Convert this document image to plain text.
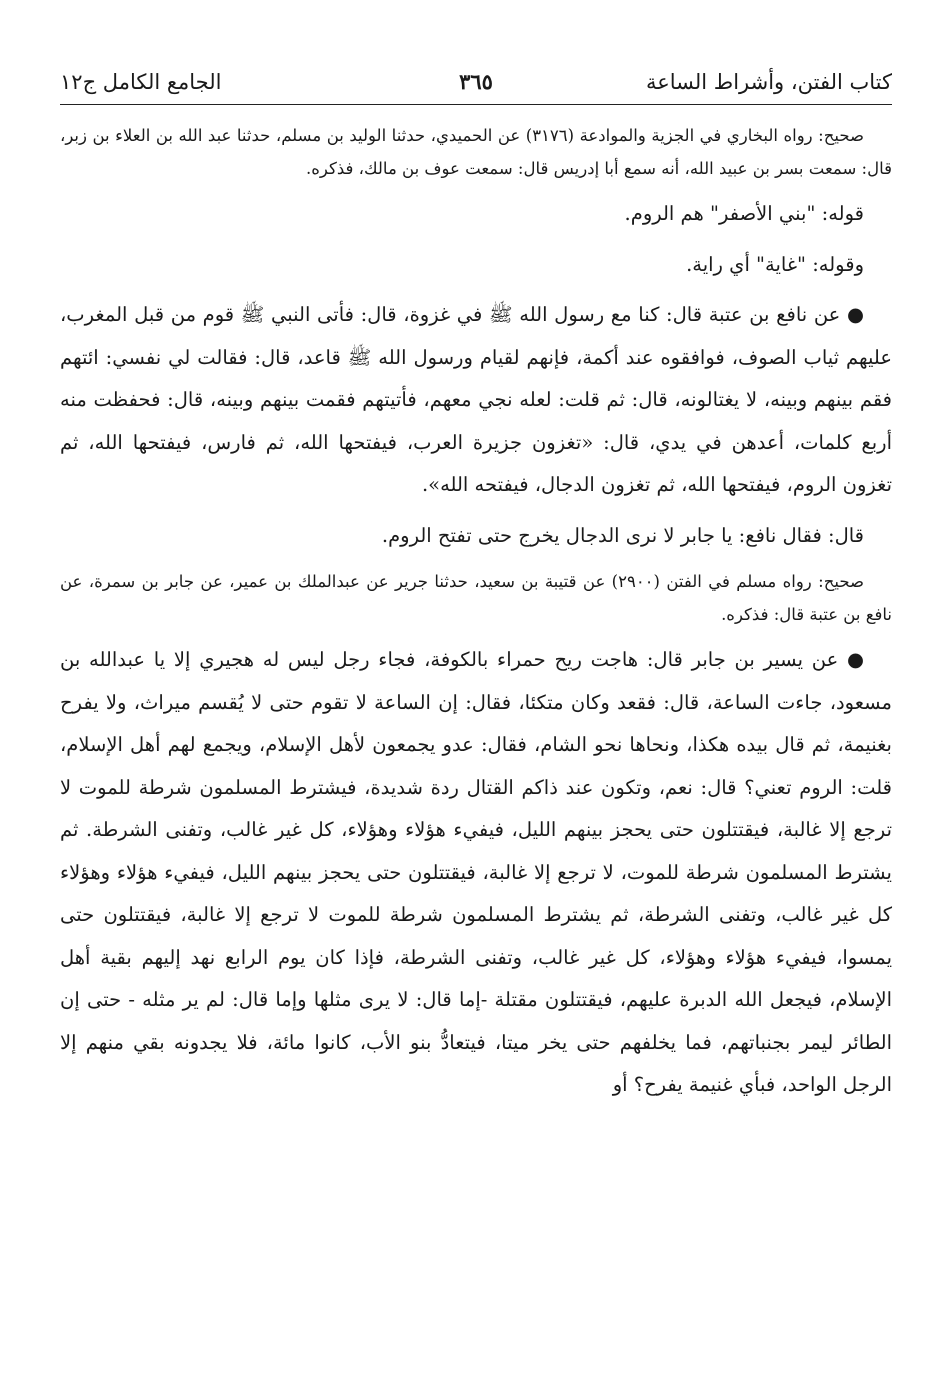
كتاب الفتن، وأشراط الساعة
٣٦٥
الجامع الكامل ج١٢

صحيح: رواه البخاري في الجزية والموادعة (٣١٧٦) عن الحميدي، حدثنا الوليد بن مسلم، حدثنا عبد الله بن العلاء بن زبر، قال: سمعت بسر بن عبيد الله، أنه سمع أبا إدريس قال: سمعت عوف بن مالك، فذكره.

قوله: "بني الأصفر" هم الروم.

وقوله: "غاية" أي راية.

● عن نافع بن عتبة قال: كنا مع رسول الله ﷺ في غزوة، قال: فأتى النبي ﷺ قوم من قبل المغرب، عليهم ثياب الصوف، فوافقوه عند أكمة، فإنهم لقيام ورسول الله ﷺ قاعد، قال: فقالت لي نفسي: ائتهم فقم بينهم وبينه، لا يغتالونه، قال: ثم قلت: لعله نجي معهم، فأتيتهم فقمت بينهم وبينه، قال: فحفظت منه أربع كلمات، أعدهن في يدي، قال: «تغزون جزيرة العرب، فيفتحها الله، ثم فارس، فيفتحها الله، ثم تغزون الروم، فيفتحها الله، ثم تغزون الدجال، فيفتحه الله».

قال: فقال نافع: يا جابر لا نرى الدجال يخرج حتى تفتح الروم.

صحيح: رواه مسلم في الفتن (٢٩٠٠) عن قتيبة بن سعيد، حدثنا جرير عن عبدالملك بن عمير، عن جابر بن سمرة، عن نافع بن عتبة قال: فذكره.

● عن يسير بن جابر قال: هاجت ريح حمراء بالكوفة، فجاء رجل ليس له هجيري إلا يا عبدالله بن مسعود، جاءت الساعة، قال: فقعد وكان متكئا، فقال: إن الساعة لا تقوم حتى لا يُقسم ميراث، ولا يفرح بغنيمة، ثم قال بيده هكذا، ونحاها نحو الشام، فقال: عدو يجمعون لأهل الإسلام، ويجمع لهم أهل الإسلام، قلت: الروم تعني؟ قال: نعم، وتكون عند ذاكم القتال ردة شديدة، فيشترط المسلمون شرطة للموت لا ترجع إلا غالبة، فيقتتلون حتى يحجز بينهم الليل، فيفيء هؤلاء وهؤلاء، كل غير غالب، وتفنى الشرطة. ثم يشترط المسلمون شرطة للموت، لا ترجع إلا غالبة، فيقتتلون حتى يحجز بينهم الليل، فيفيء هؤلاء وهؤلاء كل غير غالب، وتفنى الشرطة، ثم يشترط المسلمون شرطة للموت لا ترجع إلا غالبة، فيقتتلون حتى يمسوا، فيفيء هؤلاء وهؤلاء، كل غير غالب، وتفنى الشرطة، فإذا كان يوم الرابع نهد إليهم بقية أهل الإسلام، فيجعل الله الدبرة عليهم، فيقتتلون مقتلة -إما قال: لا يرى مثلها وإما قال: لم ير مثله - حتى إن الطائر ليمر بجنباتهم، فما يخلفهم حتى يخر ميتا، فيتعادُّ بنو الأب، كانوا مائة، فلا يجدونه بقي منهم إلا الرجل الواحد، فبأي غنيمة يفرح؟ أو
